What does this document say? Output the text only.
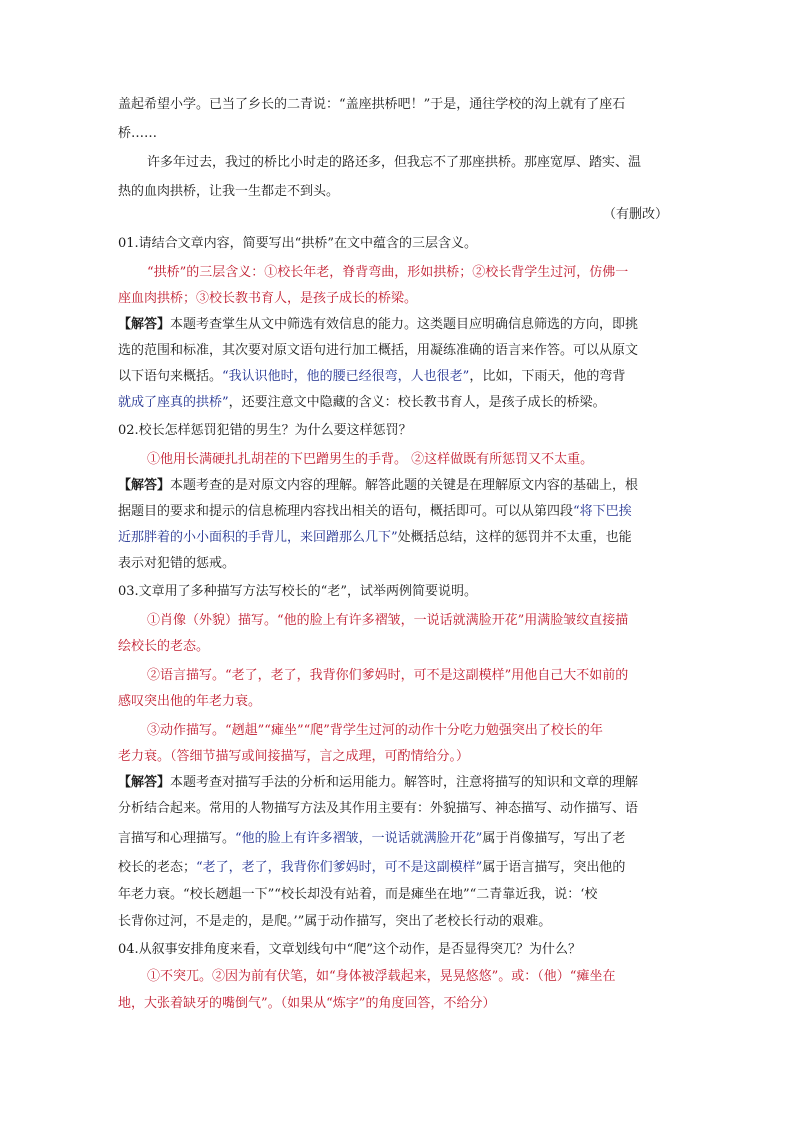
盖起希望小学。已当了乡长的二青说：“盖座拱桥吧！”于是，通往学校的沟上就有了座石
桥……
许多年过去，我过的桥比小时走的路还多，但我忘不了那座拱桥。那座宽厚、踏实、温
热的血肉拱桥，让我一生都走不到头。
（有删改）
01.请结合文章内容，简要写出“拱桥”在文中蕴含的三层含义。
“拱桥”的三层含义：①校长年老，脊背弯曲，形如拱桥；②校长背学生过河，仿佛一
座血肉拱桥；③校长教书育人，是孩子成长的桥梁。
【解答】本题考查掌生从文中筛选有效信息的能力。这类题目应明确信息筛选的方向，即挑
选的范围和标准，其次要对原文语句进行加工概括，用凝练准确的语言来作答。可以从原文
以下语句来概括。“我认识他时，他的腰已经很弯，人也很老”，比如，下雨天，他的弯背
就成了座真的拱桥”，还要注意文中隐藏的含义：校长教书育人，是孩子成长的桥梁。
02.校长怎样惩罚犯错的男生？为什么要这样惩罚？
①他用长满硬扎扎胡茬的下巴蹭男生的手背。 ②这样做既有所惩罚又不太重。
【解答】本题考查的是对原文内容的理解。解答此题的关键是在理解原文内容的基础上，根
据题目的要求和提示的信息梳理内容找出相关的语句，概括即可。可以从第四段“将下巴挨
近那胖着的小小面积的手背儿，来回蹭那么几下”处概括总结，这样的惩罚并不太重，也能
表示对犯错的惩戒。
03.文章用了多种描写方法写校长的“老”，试举两例简要说明。
①肖像（外貌）描写。“他的脸上有许多褶皱，一说话就满脸开花”用满脸皱纹直接描
绘校长的老态。
②语言描写。“老了，老了，我背你们爹妈时，可不是这副模样”用他自己大不如前的
感叹突出他的年老力衰。
③动作描写。“趔趄”“瘫坐”“爬”背学生过河的动作十分吃力勉强突出了校长的年
老力衰。（答细节描写或间接描写，言之成理，可酌情给分。）
【解答】本题考查对描写手法的分析和运用能力。解答时，注意将描写的知识和文章的理解
分析结合起来。常用的人物描写方法及其作用主要有：外貌描写、神态描写、动作描写、语
言描写和心理描写。“他的脸上有许多褶皱，一说话就满脸开花”属于肖像描写，写出了老
校长的老态；“老了，老了，我背你们爹妈时，可不是这副模样”属于语言描写，突出他的
年老力衰。“校长趔趄一下”“校长却没有站着，而是瘫坐在地”“二青靠近我，说：‘校
长背你过河，不是走的，是爬。’”属于动作描写，突出了老校长行动的艰难。
04.从叙事安排角度来看，文章划线句中“爬”这个动作，是否显得突兀？为什么？
①不突兀。②因为前有伏笔，如“身体被浮载起来，晃晃悠悠”。或：（他）“瘫坐在
地，大张着缺牙的嘴倒气”。（如果从“炼字”的角度回答，不给分）
